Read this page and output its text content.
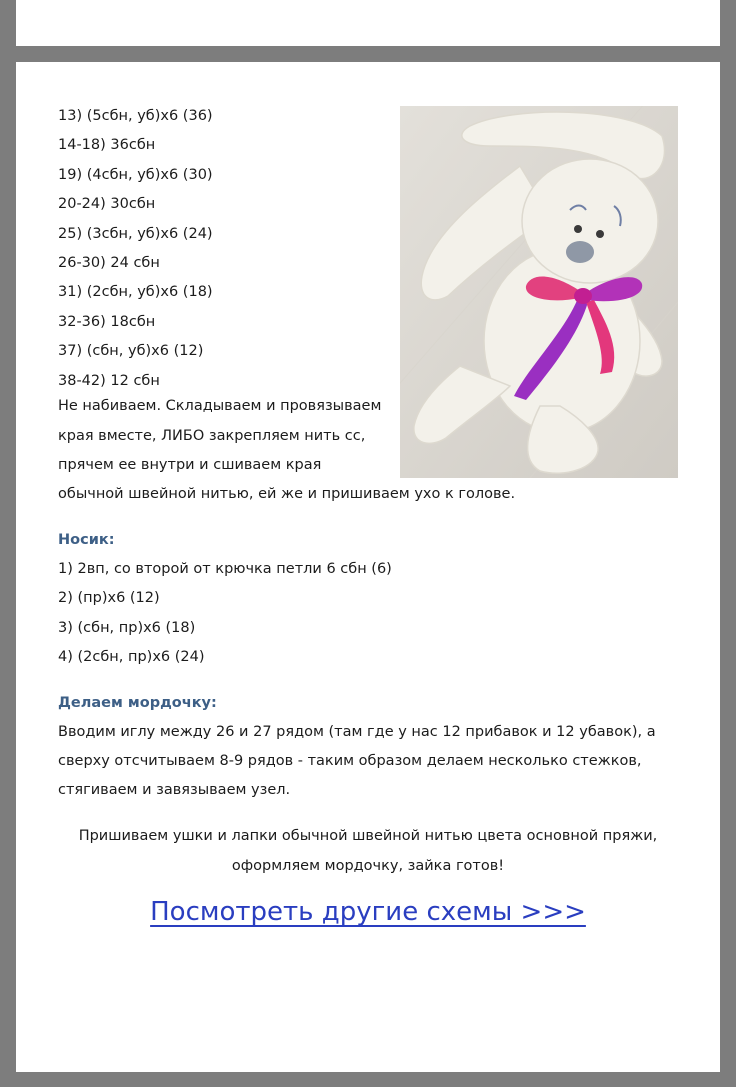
13) (5сбн, уб)х6 (36)
14-18) 36сбн
19) (4сбн, уб)х6 (30)
20-24) 30сбн
25) (3сбн, уб)х6 (24)
26-30) 24 сбн
31) (2сбн, уб)х6 (18)
32-36) 18сбн
37) (сбн, уб)х6 (12)
38-42) 12 сбн
Не набиваем. Складываем и провязываем
края вместе, ЛИБО закрепляем нить сс,
прячем ее внутри и сшиваем края
обычной швейной нитью, ей же и пришиваем ухо к голове.
Носик:
1) 2вп, со второй от крючка петли 6 сбн (6)
2) (пр)х6 (12)
3) (сбн, пр)х6 (18)
4) (2сбн, пр)х6 (24)
Делаем мордочку:
Вводим иглу между 26 и 27 рядом (там где у нас 12 прибавок и 12 убавок), а
сверху отсчитываем 8-9 рядов - таким образом делаем несколько стежков,
стягиваем и завязываем узел.
Пришиваем ушки и лапки обычной швейной нитью цвета основной пряжи,
оформляем мордочку, зайка готов!
Посмотреть другие схемы >>>
